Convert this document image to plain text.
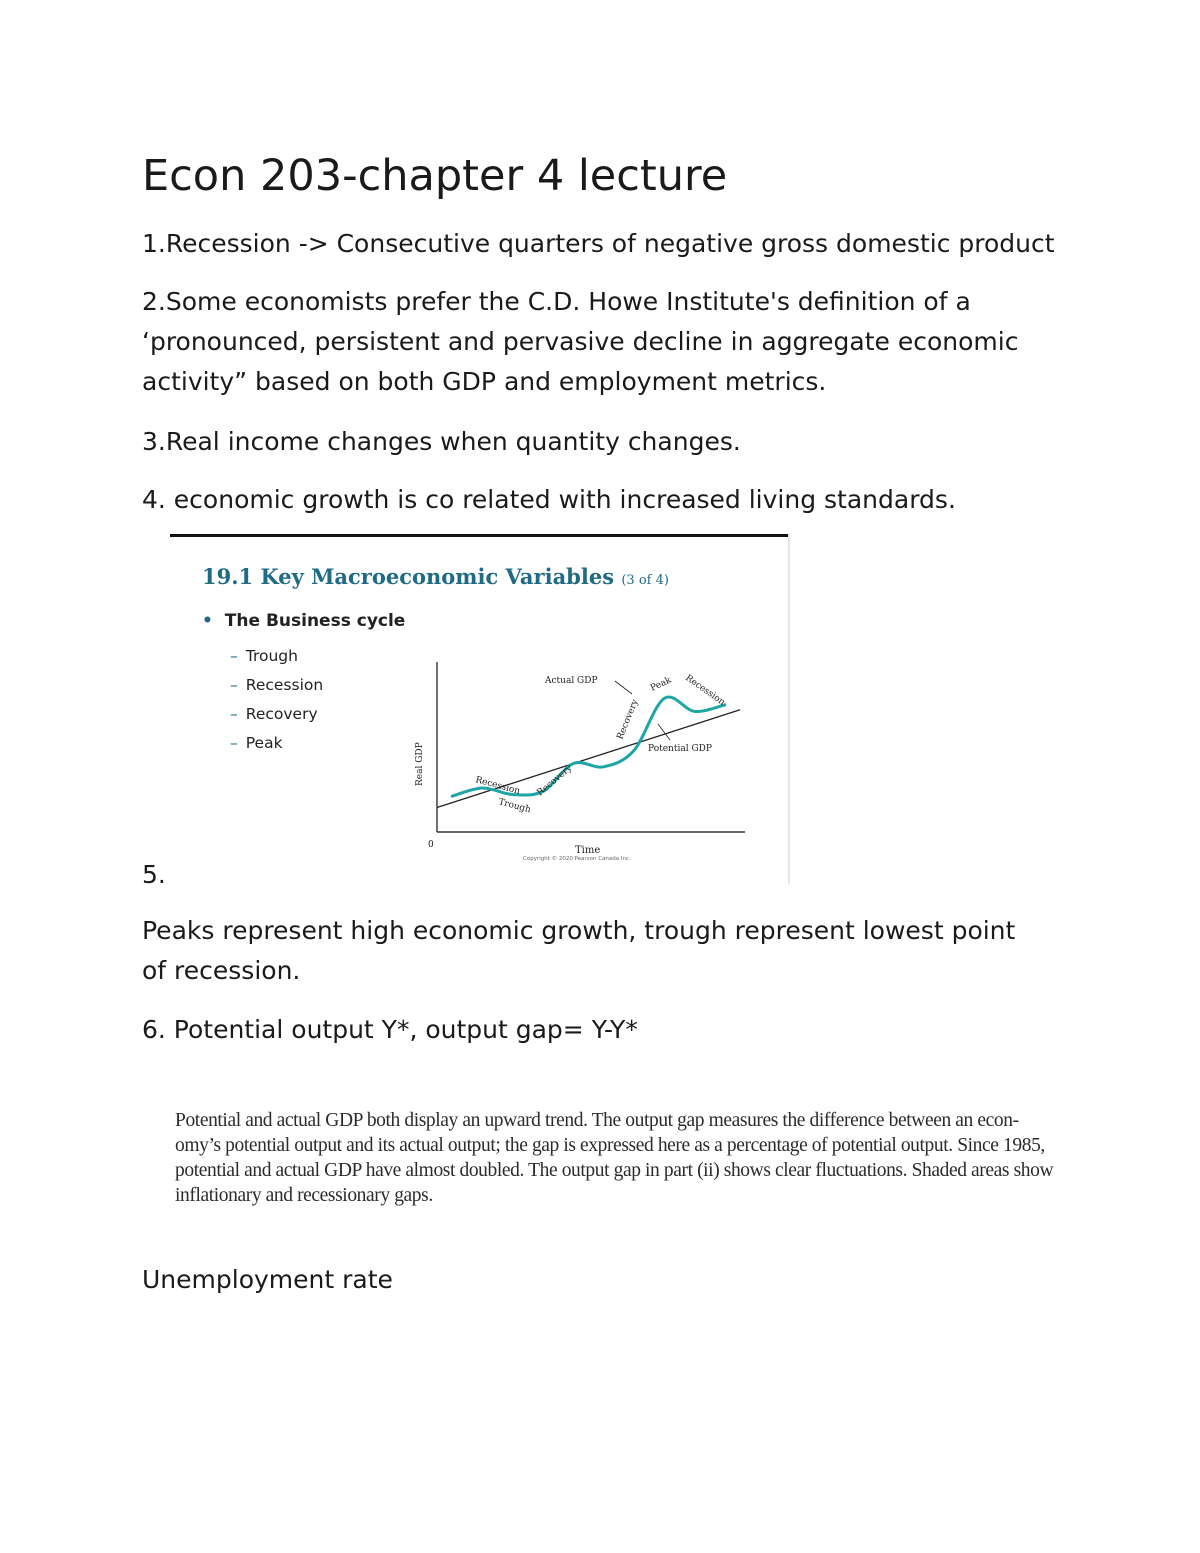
Econ 203-chapter 4 lecture

1.Recession -> Consecutive quarters of negative gross domestic product

2.Some economists prefer the C.D. Howe Institute's definition of a

‘pronounced, persistent and pervasive decline in aggregate economic

activity” based on both GDP and employment metrics.

3.Real income changes when quantity changes.

4. economic growth is co related with increased living standards.

19.1 Key Macroeconomic Variables (3 of 4)
• The Business cycle
– Trough
– Recession
– Recovery
– Peak
0	Time
Copyright © 2020 Pearson Canada Inc.
Real GDP
Actual GDP	Peak Recession
Recovery
Potential GDP
Recovery
Recession
Trough

5.

Peaks represent high economic growth, trough represent lowest point

of recession.

6. Potential output Y*, output gap= Y-Y*

Potential and actual GDP both display an upward trend. The output gap measures the difference between an econ-
omy’s potential output and its actual output; the gap is expressed here as a percentage of potential output. Since 1985,
potential and actual GDP have almost doubled. The output gap in part (ii) shows clear fluctuations. Shaded areas show
inflationary and recessionary gaps.

Unemployment rate
